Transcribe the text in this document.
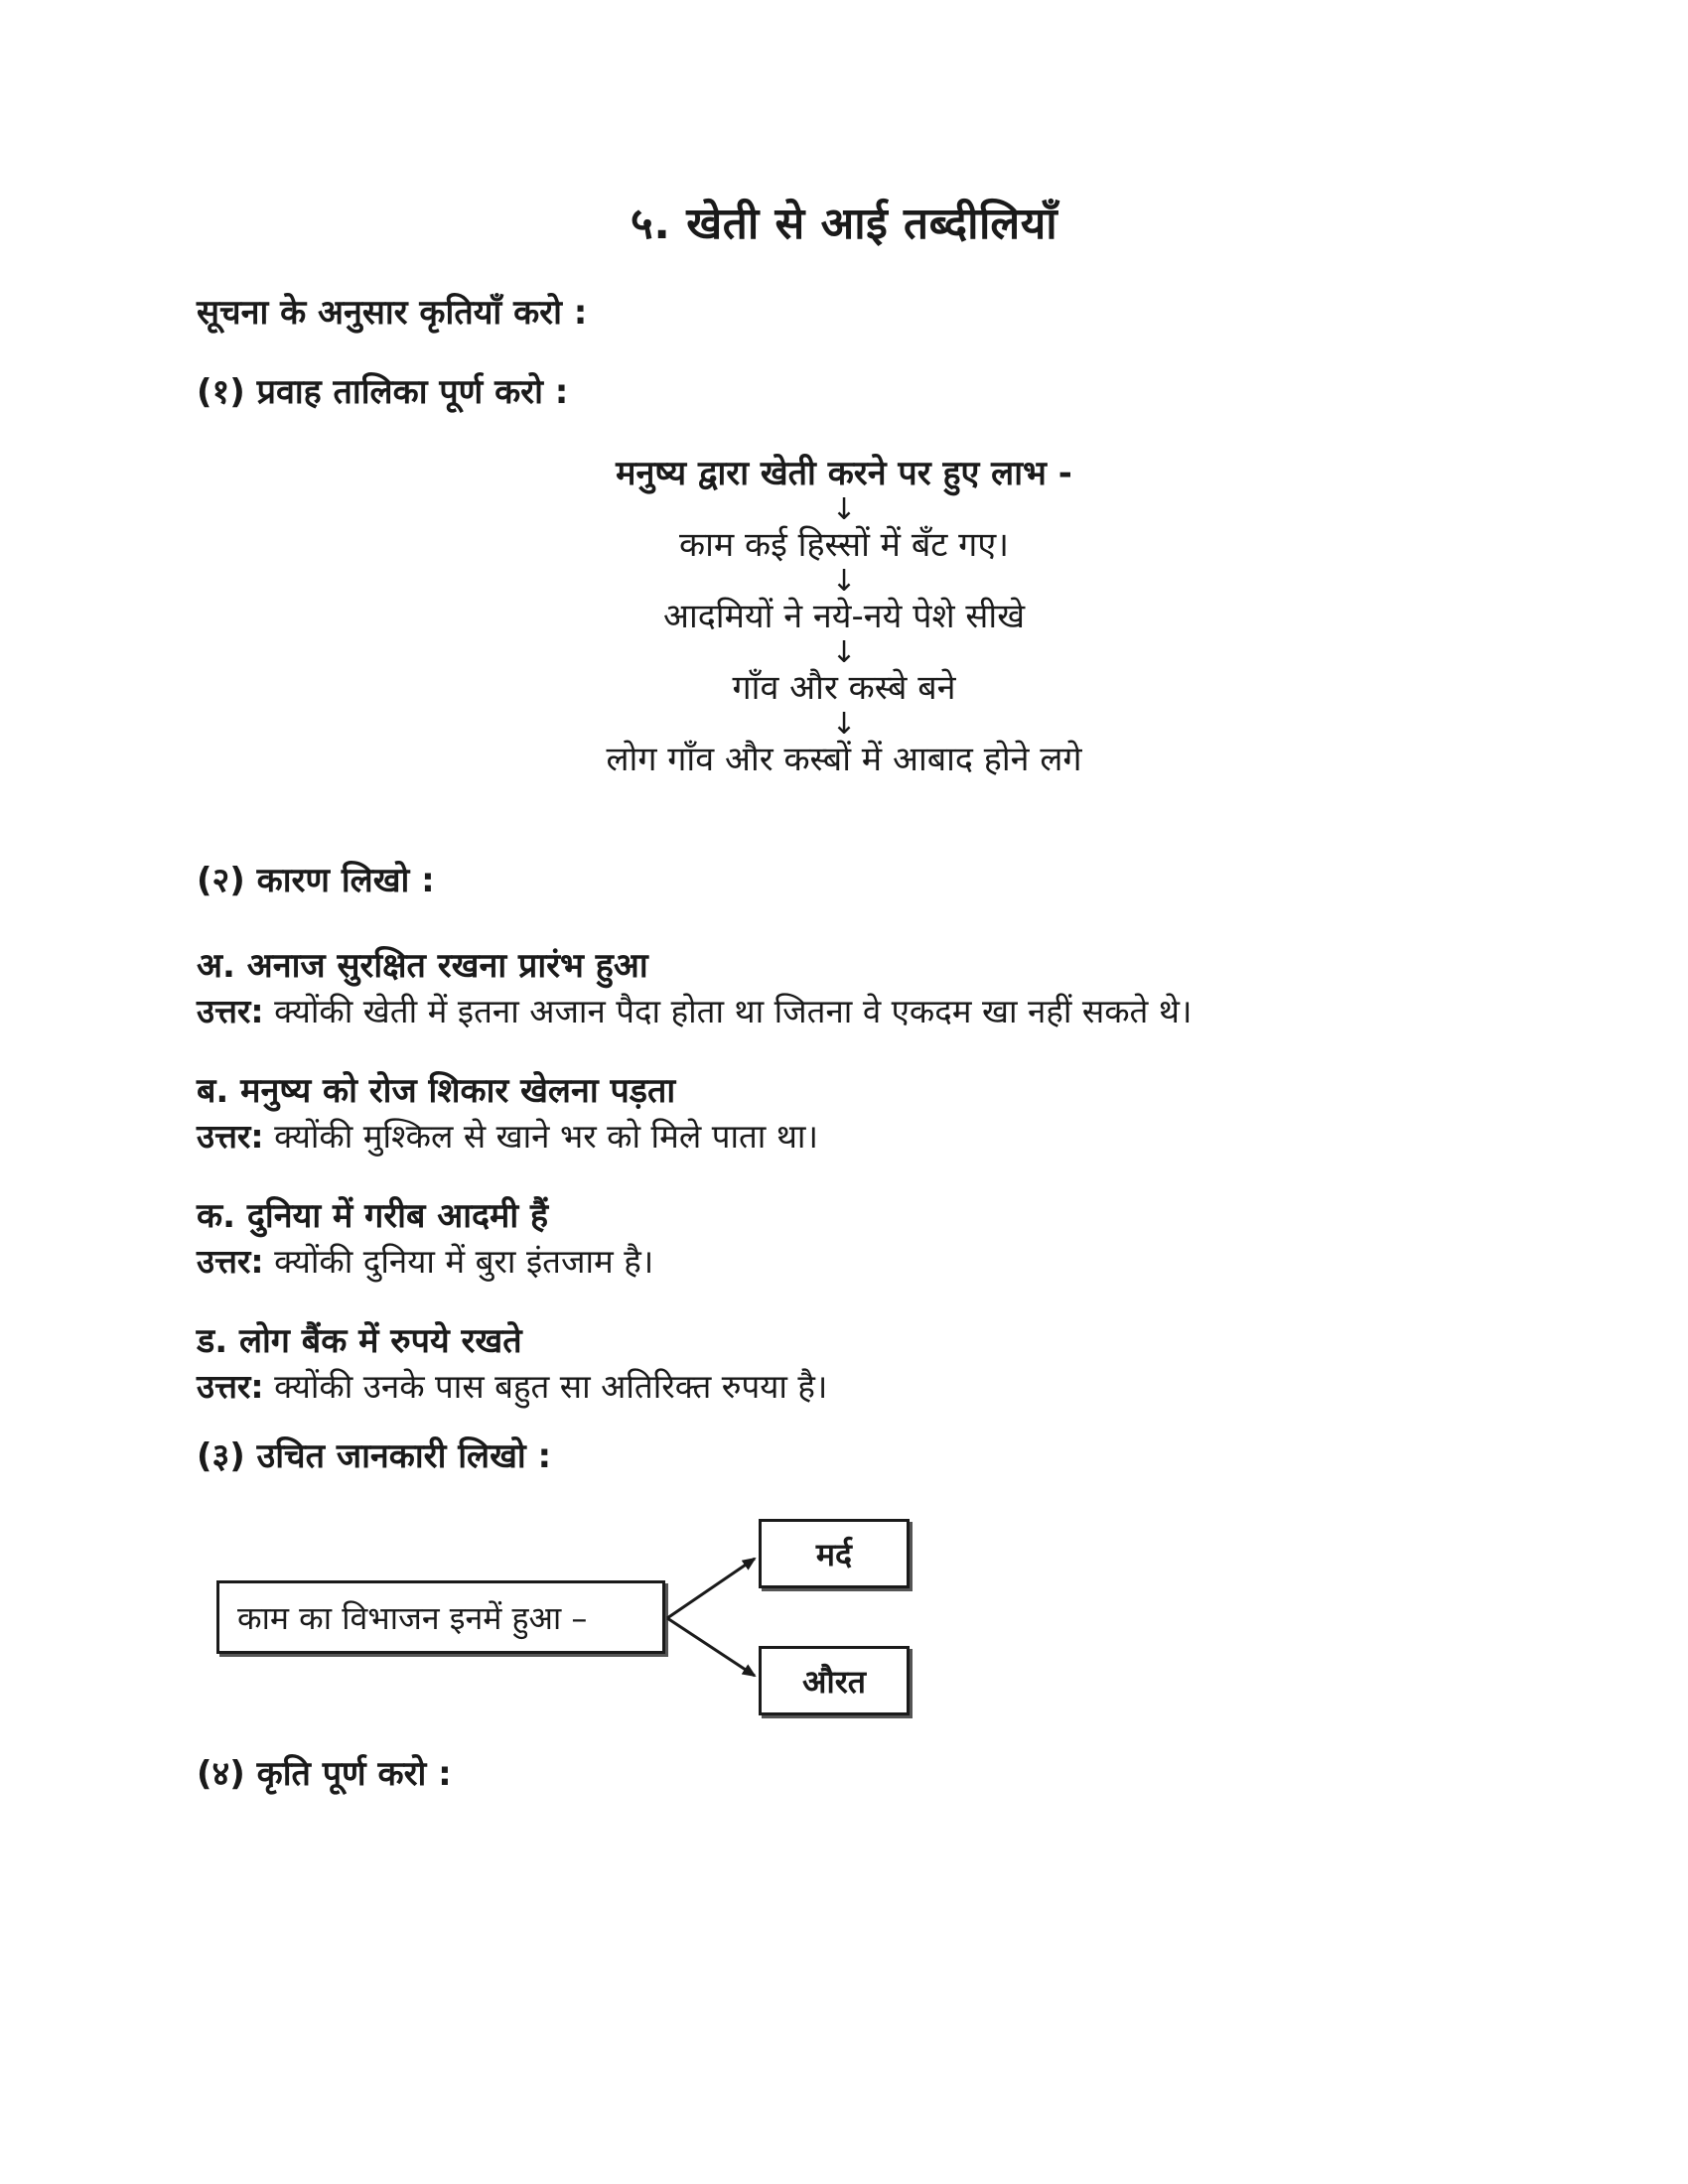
५. खेती से आई तब्दीलियाँ
सूचना के अनुसार कृतियाँ करो :
(१) प्रवाह तालिका पूर्ण करो :
मनुष्य द्वारा खेती करने पर हुए लाभ -
↓
काम कई हिस्सों में बँट गए।
↓
आदमियों ने नये-नये पेशे सीखे
↓
गाँव और कस्बे बने
↓
लोग गाँव और कस्बों में आबाद होने लगे
(२) कारण लिखो :
अ. अनाज सुरक्षित रखना प्रारंभ हुआ
उत्तर: क्योंकी खेती में इतना अजान पैदा होता था जितना वे एकदम खा नहीं सकते थे।
ब. मनुष्य को रोज शिकार खेलना पड़ता
उत्तर: क्योंकी मुश्किल से खाने भर को मिले पाता था।
क. दुनिया में गरीब आदमी हैं
उत्तर: क्योंकी दुनिया में बुरा इंतजाम है।
ड. लोग बैंक में रुपये रखते
उत्तर: क्योंकी उनके पास बहुत सा अतिरिक्त रुपया है।
(३) उचित जानकारी लिखो :
काम का विभाजन इनमें हुआ –
मर्द
औरत
(४) कृति पूर्ण करो :
